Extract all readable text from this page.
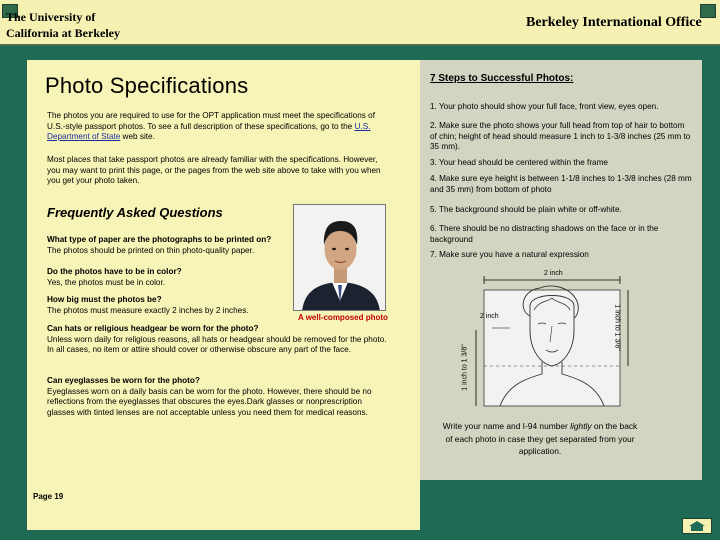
The University of
California at Berkeley
Berkeley International Office
Photo Specifications
The photos you are required to use for the OPT application must meet the specifications of U.S.-style passport photos. To see a full description of these specifications, go to the U.S. Department of State web site.
Most places that take passport photos are already familiar with the specifications. However, you may want to print this page, or the pages from the web site above to take with you when you get your photo taken.
Frequently Asked Questions
What type of paper are the photographs to be printed on?
The photos should be printed on thin photo-quality paper.
Do the photos have to be in color?
Yes, the photos must be in color.
How big must the photos be?
The photos must measure exactly 2 inches by 2 inches.
Can hats or religious headgear be worn for the photo?
Unless worn daily for religious reasons, all hats or headgear should be removed for the photo. In all cases, no item or attire should cover or otherwise obscure any part of the face.
Can eyeglasses be worn for the photo?
Eyeglasses worn on a daily basis can be worn for the photo. However, there should be no reflections from the eyeglasses that obscures the eyes.Dark glasses or nonprescription glasses with tinted lenses are not acceptable unless you need them for medical reasons.
A well-composed photo
Page 19
7 Steps to Successful Photos:
1. Your photo should show your full face, front view, eyes open.
2. Make sure the photo shows your full head from top of hair to bottom of chin; height of head should measure 1 inch to 1-3/8 inches (25 mm to 35 mm).
3. Your head should be centered within the frame
4. Make sure eye height is between 1-1/8 inches to 1-3/8 inches (28 mm and 35 mm) from bottom of photo
5. The background should be plain white or off-white.
6. There should be no distracting shadows on the face or in the background
7. Make sure you have a natural expression
2 inch
2 inch	1 inch to 1 3/8"
1 inch to 1 3/8"
Write your name and I-94 number lightly on the back of each photo in case they get separated from your application.
